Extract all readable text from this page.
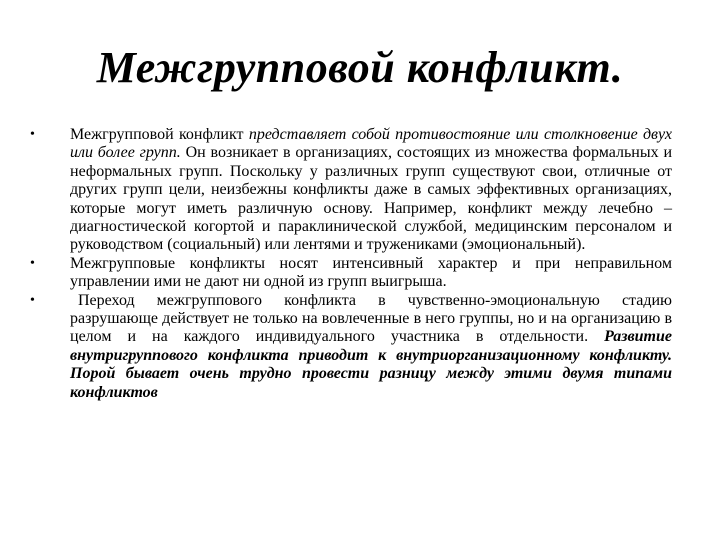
Межгрупповой конфликт.
• Межгрупповой конфликт представляет собой противостояние или столкновение двух или более групп. Он возникает в организациях, состоящих из множества формальных и неформальных групп. Поскольку у различных групп существуют свои, отличные от других групп цели, неизбежны конфликты даже в самых эффективных организациях, которые могут иметь различную основу. Например, конфликт между лечебно – диагностической когортой и параклинической службой, медицинским персоналом и руководством (социальный) или лентями и тружениками (эмоциональный).
• Межгрупповые конфликты носят интенсивный характер и при неправильном управлении ими не дают ни одной из групп выигрыша.
•	Переход межгруппового конфликта в чувственно-эмоциональную стадию разрушающе действует не только на вовлеченные в него группы, но и на организацию в целом и на каждого индивидуального участника в отдельности. Развитие внутригруппового конфликта приводит к внутриорганизационному конфликту. Порой бывает очень трудно провести разницу между этими двумя типами конфликтов
